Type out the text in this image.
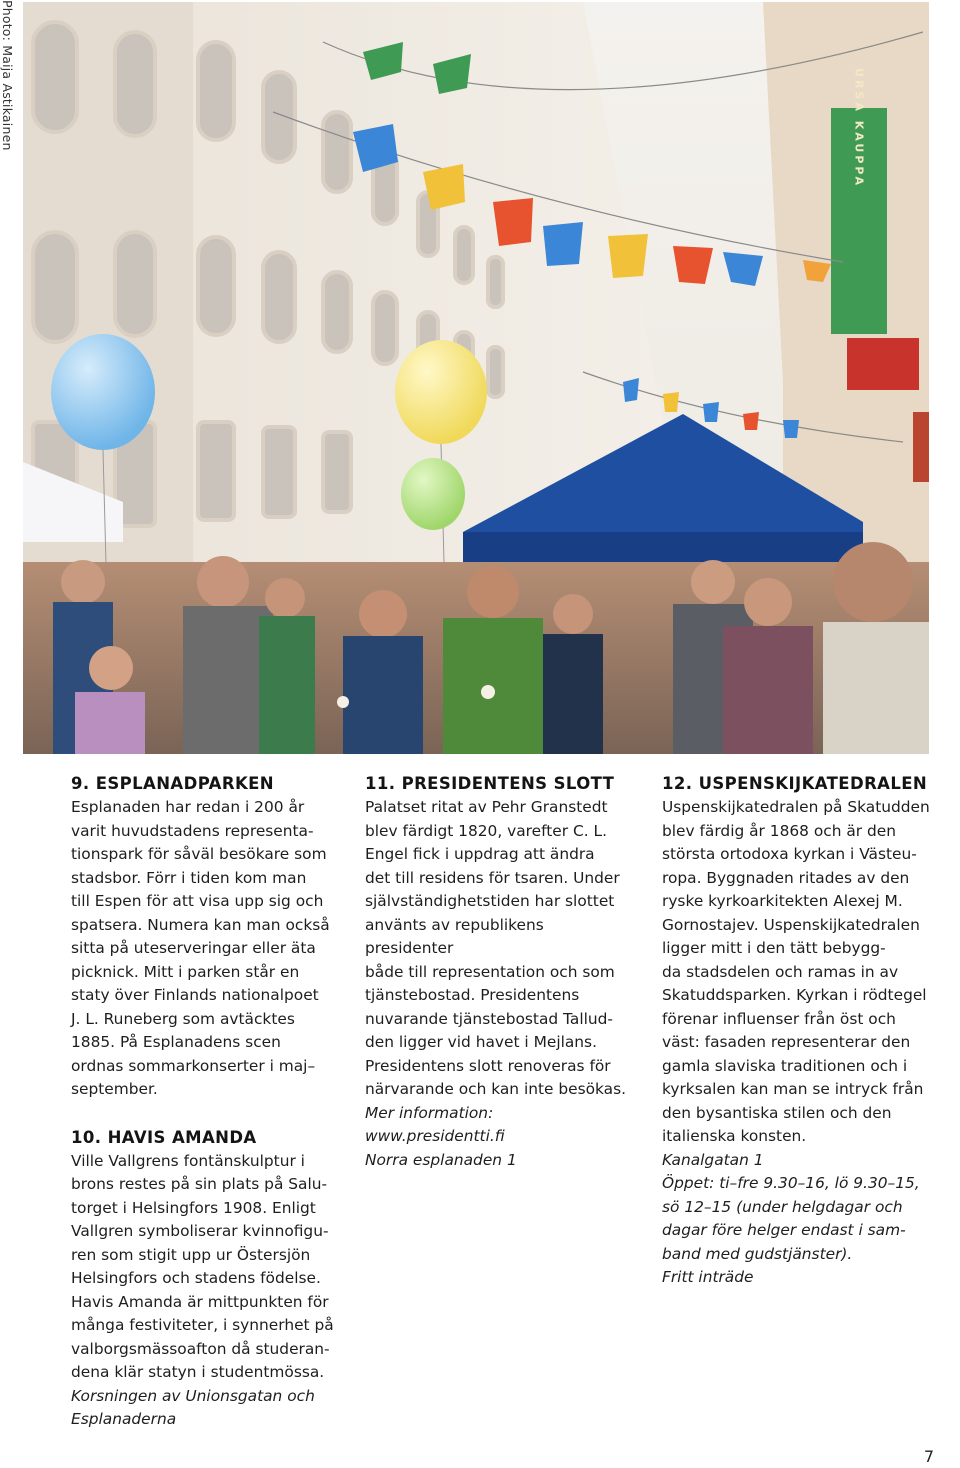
Photo: Maija Astikainen	URSA KAUPPA
9. ESPLANADPARKEN

Esplanaden har redan i 200 år
varit huvudstadens representa-
tionspark för såväl besökare som
stadsbor. Förr i tiden kom man
till Espen för att visa upp sig och
spatsera. Numera kan man också
sitta på uteserveringar eller äta
picknick. Mitt i parken står en
staty över Finlands nationalpoet
J. L. Runeberg som avtäcktes
1885. På Esplanadens scen
ordnas sommarkonserter i maj–
september.

10. HAVIS AMANDA

Ville Vallgrens fontänskulptur i
brons restes på sin plats på Salu-
torget i Helsingfors 1908. Enligt
Vallgren symboliserar kvinnofigu-
ren som stigit upp ur Östersjön
Helsingfors och stadens födelse.
Havis Amanda är mittpunkten för
många festiviteter, i synnerhet på
valborgsmässoafton då studeran-
dena klär statyn i studentmössa.

Korsningen av Unionsgatan och
Esplanaderna
11. PRESIDENTENS SLOTT

Palatset ritat av Pehr Granstedt
blev färdigt 1820, varefter C. L.
Engel fick i uppdrag att ändra
det till residens för tsaren. Under
självständighetstiden har slottet
använts av republikens presidenter
både till representation och som
tjänstebostad. Presidentens
nuvarande tjänstebostad Tallud-
den ligger vid havet i Mejlans.
Presidentens slott renoveras för
närvarande och kan inte besökas.

Mer information:
www.presidentti.fi
Norra esplanaden 1
12. USPENSKIJKATEDRALEN

Uspenskijkatedralen på Skatudden
blev färdig år 1868 och är den
största ortodoxa kyrkan i Västeu-
ropa. Byggnaden ritades av den
ryske kyrkoarkitekten Alexej M.
Gornostajev. Uspenskijkatedralen
ligger mitt i den tätt bebygg-
da stadsdelen och ramas in av
Skatuddsparken. Kyrkan i rödtegel
förenar influenser från öst och
väst: fasaden representerar den
gamla slaviska traditionen och i
kyrksalen kan man se intryck från
den bysantiska stilen och den
italienska konsten.

Kanalgatan 1
Öppet: ti–fre 9.30–16, lö 9.30–15,
sö 12–15 (under helgdagar och
dagar före helger endast i sam-
band med gudstjänster).
Fritt inträde
7
